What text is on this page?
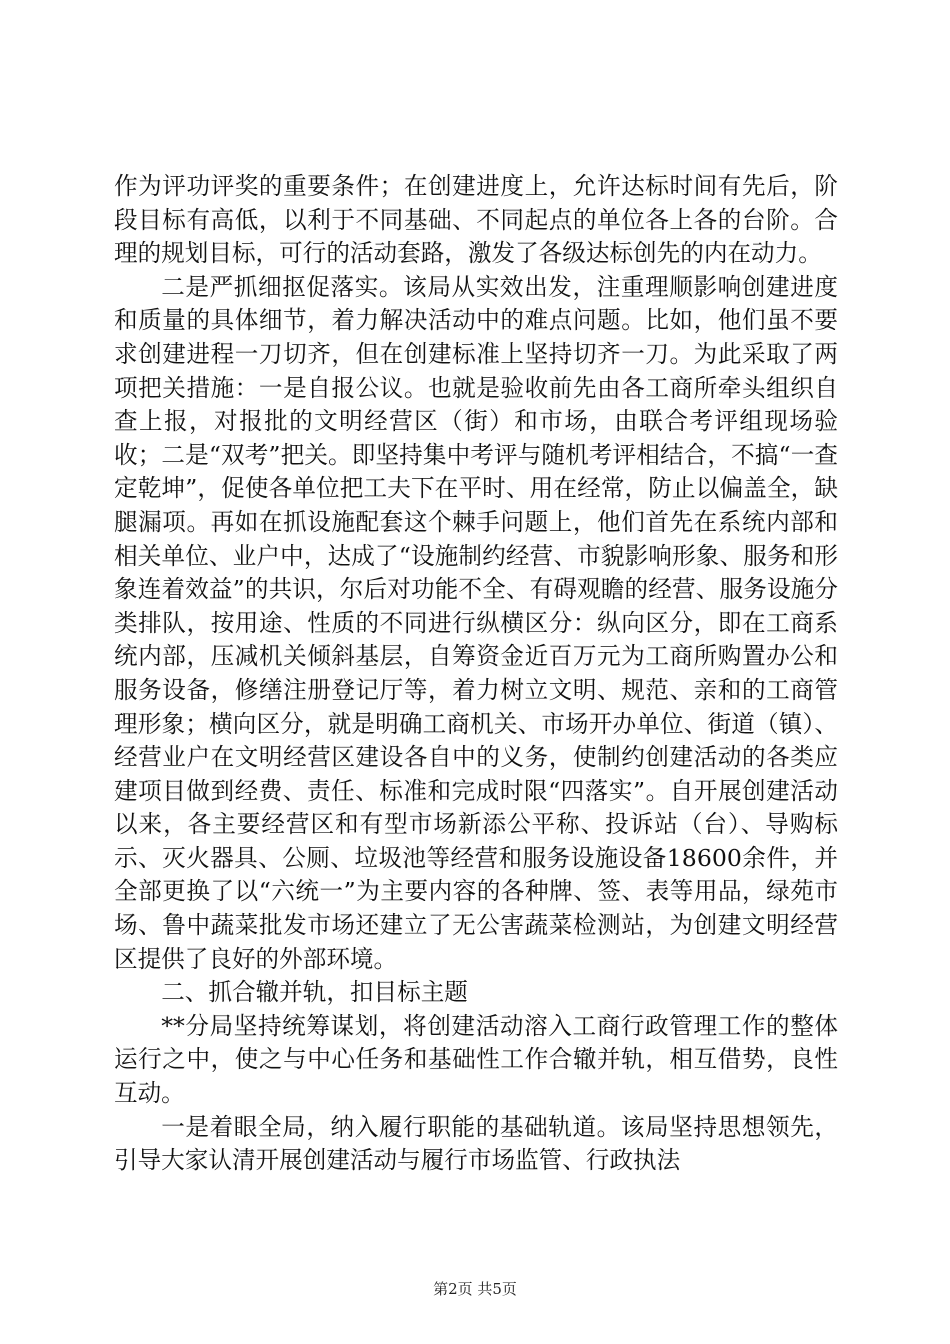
作为评功评奖的重要条件；在创建进度上，允许达标时间有先后，阶段目标有高低，以利于不同基础、不同起点的单位各上各的台阶。合理的规划目标，可行的活动套路，激发了各级达标创先的内在动力。

二是严抓细抠促落实。该局从实效出发，注重理顺影响创建进度和质量的具体细节，着力解决活动中的难点问题。比如，他们虽不要求创建进程一刀切齐，但在创建标准上坚持切齐一刀。为此采取了两项把关措施：一是自报公议。也就是验收前先由各工商所牵头组织自查上报，对报批的文明经营区（街）和市场，由联合考评组现场验收；二是“双考”把关。即坚持集中考评与随机考评相结合，不搞“一查定乾坤”，促使各单位把工夫下在平时、用在经常，防止以偏盖全，缺腿漏项。再如在抓设施配套这个棘手问题上，他们首先在系统内部和相关单位、业户中，达成了“设施制约经营、市貌影响形象、服务和形象连着效益”的共识，尔后对功能不全、有碍观瞻的经营、服务设施分类排队，按用途、性质的不同进行纵横区分：纵向区分，即在工商系统内部，压减机关倾斜基层，自筹资金近百万元为工商所购置办公和服务设备，修缮注册登记厅等，着力树立文明、规范、亲和的工商管理形象；横向区分，就是明确工商机关、市场开办单位、街道（镇）、经营业户在文明经营区建设各自中的义务，使制约创建活动的各类应建项目做到经费、责任、标准和完成时限“四落实”。自开展创建活动以来，各主要经营区和有型市场新添公平称、投诉站（台）、导购标示、灭火器具、公厕、垃圾池等经营和服务设施设备18600余件，并全部更换了以“六统一”为主要内容的各种牌、签、表等用品，绿苑市场、鲁中蔬菜批发市场还建立了无公害蔬菜检测站，为创建文明经营区提供了良好的外部环境。

二、抓合辙并轨，扣目标主题

**分局坚持统筹谋划，将创建活动溶入工商行政管理工作的整体运行之中，使之与中心任务和基础性工作合辙并轨，相互借势，良性互动。

一是着眼全局，纳入履行职能的基础轨道。该局坚持思想领先，引导大家认清开展创建活动与履行市场监管、行政执法

第2页 共5页
